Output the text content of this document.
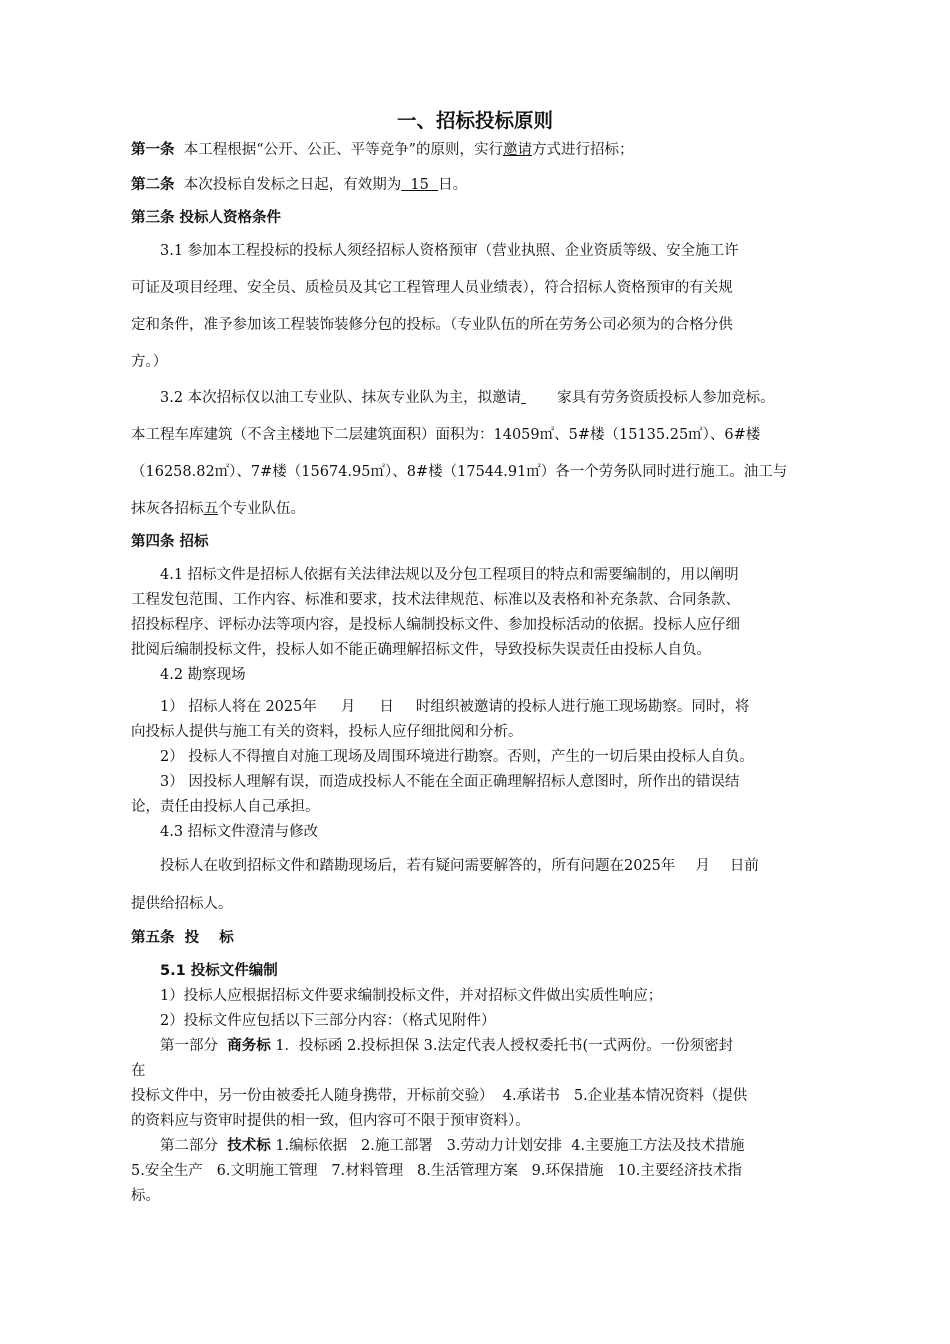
一、招标投标原则
第一条 本工程根据“公开、公正、平等竞争”的原则，实行邀请方式进行招标；
第二条 本次投标自发标之日起，有效期为  15  日。
第三条 投标人资格条件
3.1 参加本工程投标的投标人须经招标人资格预审（营业执照、企业资质等级、安全施工许
可证及项目经理、安全员、质检员及其它工程管理人员业绩表），符合招标人资格预审的有关规
定和条件，准予参加该工程装饰装修分包的投标。（专业队伍的所在劳务公司必须为的合格分供
方。）
3.2 本次招标仅以油工专业队、抹灰专业队为主，拟邀请 家具有劳务资质投标人参加竞标。
本工程车库建筑（不含主楼地下二层建筑面积）面积为：14059㎡、5#楼（15135.25㎡）、6#楼
（16258.82㎡）、7#楼（15674.95㎡）、8#楼（17544.91㎡）各一个劳务队同时进行施工。油工与
抹灰各招标五个专业队伍。
第四条 招标
4.1 招标文件是招标人依据有关法律法规以及分包工程项目的特点和需要编制的，用以阐明
工程发包范围、工作内容、标准和要求，技术法律规范、标准以及表格和补充条款、合同条款、
招投标程序、评标办法等项内容，是投标人编制投标文件、参加投标活动的依据。投标人应仔细
批阅后编制投标文件，投标人如不能正确理解招标文件，导致投标失误责任由投标人自负。
4.2 勘察现场
1） 招标人将在 2025年 月 日 时组织被邀请的投标人进行施工现场勘察。同时，将
向投标人提供与施工有关的资料，投标人应仔细批阅和分析。
2） 投标人不得擅自对施工现场及周围环境进行勘察。否则，产生的一切后果由投标人自负。
3） 因投标人理解有误，而造成投标人不能在全面正确理解招标人意图时，所作出的错误结
论，责任由投标人自己承担。
4.3 招标文件澄清与修改
投标人在收到招标文件和踏勘现场后，若有疑问需要解答的，所有问题在2025年 月 日前
提供给招标人。
第五条  投    标
5.1 投标文件编制
1）投标人应根据招标文件要求编制投标文件，并对招标文件做出实质性响应；
2）投标文件应包括以下三部分内容：（格式见附件）
第一部分 商务标 1．投标函 2.投标担保 3.法定代表人授权委托书(一式两份。一份须密封
在
投标文件中，另一份由被委托人随身携带，开标前交验）  4.承诺书   5.企业基本情况资料（提供
的资料应与资审时提供的相一致，但内容可不限于预审资料）。
第二部分 技术标 1.编标依据   2.施工部署   3.劳动力计划安排  4.主要施工方法及技术措施
5.安全生产   6.文明施工管理   7.材料管理   8.生活管理方案   9.环保措施   10.主要经济技术指
标。
